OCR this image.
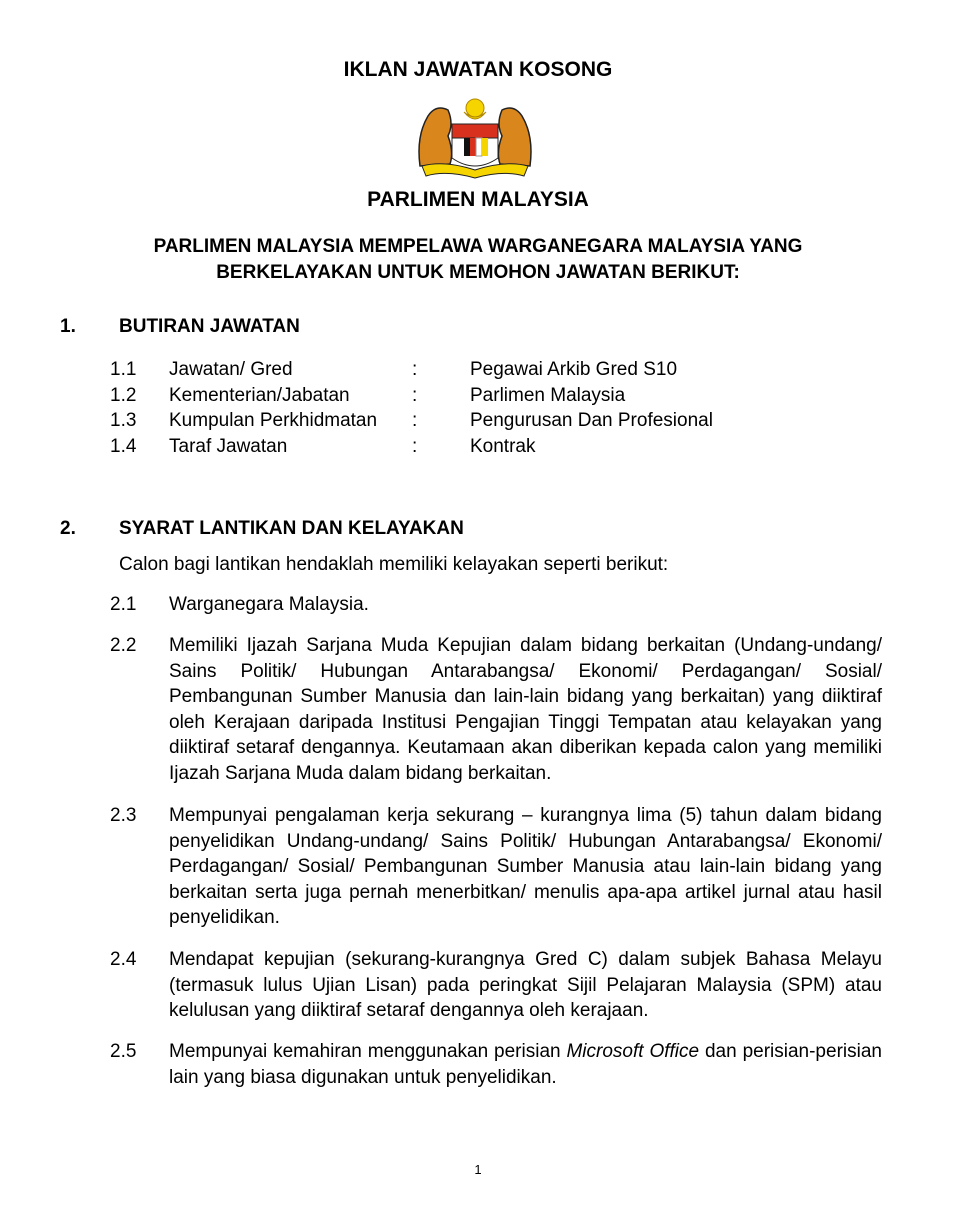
IKLAN JAWATAN KOSONG
PARLIMEN MALAYSIA
PARLIMEN MALAYSIA MEMPELAWA WARGANEGARA MALAYSIA YANG
BERKELAYAKAN UNTUK MEMOHON JAWATAN BERIKUT:
1. BUTIRAN JAWATAN
1.1 Jawatan/ Gred	:	Pegawai Arkib Gred S10
1.2 Kementerian/Jabatan	:	Parlimen Malaysia
1.3 Kumpulan Perkhidmatan :	Pengurusan Dan Profesional
1.4 Taraf Jawatan	:	Kontrak
2. SYARAT LANTIKAN DAN KELAYAKAN
Calon bagi lantikan hendaklah memiliki kelayakan seperti berikut:
2.1 Warganegara Malaysia.
2.2 Memiliki Ijazah Sarjana Muda Kepujian dalam bidang berkaitan (Undang-undang/ Sains Politik/ Hubungan Antarabangsa/ Ekonomi/ Perdagangan/ Sosial/ Pembangunan Sumber Manusia dan lain-lain bidang yang berkaitan) yang diiktiraf oleh Kerajaan daripada Institusi Pengajian Tinggi Tempatan atau kelayakan yang diiktiraf setaraf dengannya. Keutamaan akan diberikan kepada calon yang memiliki Ijazah Sarjana Muda dalam bidang berkaitan.
2.3 Mempunyai pengalaman kerja sekurang – kurangnya lima (5) tahun dalam bidang penyelidikan Undang-undang/ Sains Politik/ Hubungan Antarabangsa/ Ekonomi/ Perdagangan/ Sosial/ Pembangunan Sumber Manusia atau lain-lain bidang yang berkaitan serta juga pernah menerbitkan/ menulis apa-apa artikel jurnal atau hasil penyelidikan.
2.4 Mendapat kepujian (sekurang-kurangnya Gred C) dalam subjek Bahasa Melayu (termasuk lulus Ujian Lisan) pada peringkat Sijil Pelajaran Malaysia (SPM) atau kelulusan yang diiktiraf setaraf dengannya oleh kerajaan.
2.5 Mempunyai kemahiran menggunakan perisian Microsoft Office dan perisian-perisian lain yang biasa digunakan untuk penyelidikan.
1
